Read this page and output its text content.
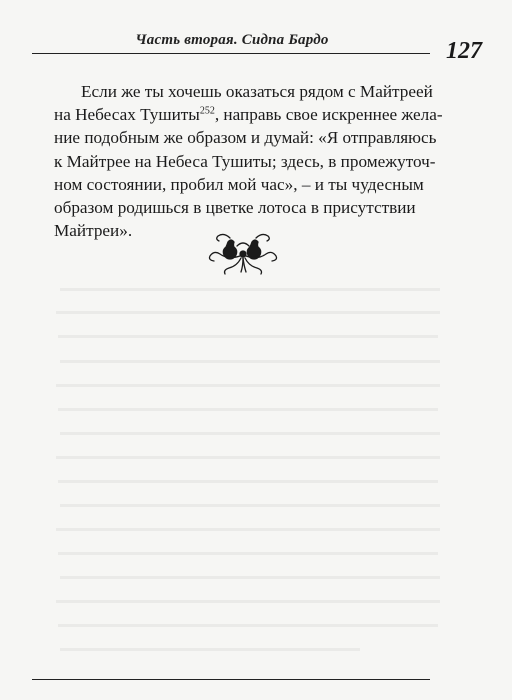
Часть вторая. Сидпа Бардо	127
Если же ты хочешь оказаться рядом с Майтреей
на Небесах Тушиты$^{252}$, направь свое искреннее жела-
ние подобным же образом и думай: «Я отправляюсь
к Майтрее на Небеса Тушиты; здесь, в промежуточ-
ном состоянии, пробил мой час», – и ты чудесным
образом родишься в цветке лотоса в присутствии
Майтреи».
